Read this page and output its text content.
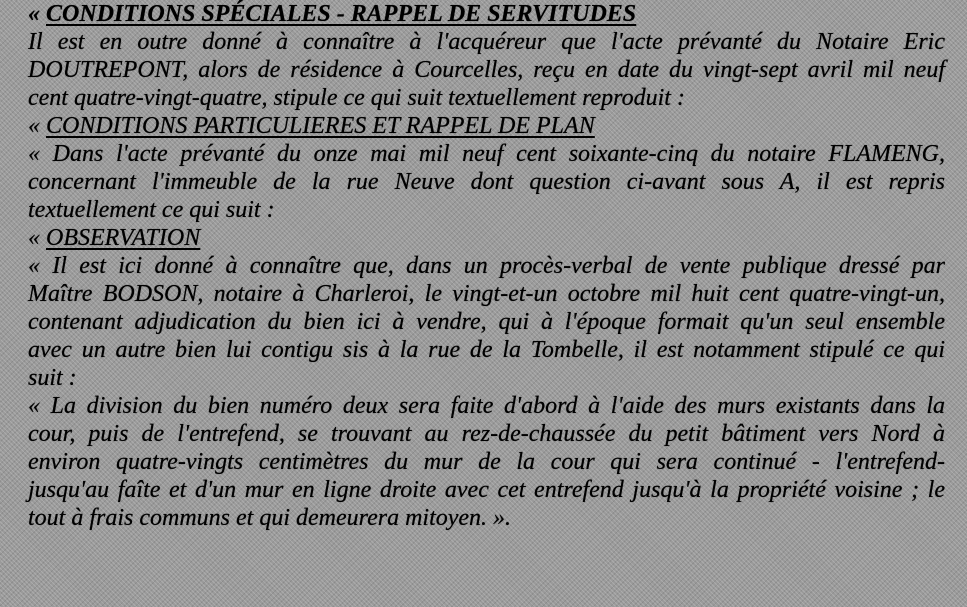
« CONDITIONS SPÉCIALES - RAPPEL DE SERVITUDES
Il est en outre donné à connaître à l'acquéreur que l'acte prévanté du Notaire Eric
DOUTREPONT, alors de résidence à Courcelles, reçu en date du vingt-sept avril mil neuf
cent quatre-vingt-quatre, stipule ce qui suit textuellement reproduit :
« CONDITIONS PARTICULIERES ET RAPPEL DE PLAN
« Dans l'acte prévanté du onze mai mil neuf cent soixante-cinq du notaire FLAMENG,
concernant l'immeuble de la rue Neuve dont question ci-avant sous A, il est repris
textuellement ce qui suit :
« OBSERVATION
« Il est ici donné à connaître que, dans un procès-verbal de vente publique dressé par
Maître BODSON, notaire à Charleroi, le vingt-et-un octobre mil huit cent quatre-vingt-un,
contenant adjudication du bien ici à vendre, qui à l'époque formait qu'un seul ensemble
avec un autre bien lui contigu sis à la rue de la Tombelle, il est notamment stipulé ce qui
suit :
« La division du bien numéro deux sera faite d'abord à l'aide des murs existants dans la
cour, puis de l'entrefend, se trouvant au rez-de-chaussée du petit bâtiment vers Nord à
environ quatre-vingts centimètres du mur de la cour qui sera continué - l'entrefend-
jusqu'au faîte et d'un mur en ligne droite avec cet entrefend jusqu'à la propriété voisine ; le
tout à frais communs et qui demeurera mitoyen. ».
